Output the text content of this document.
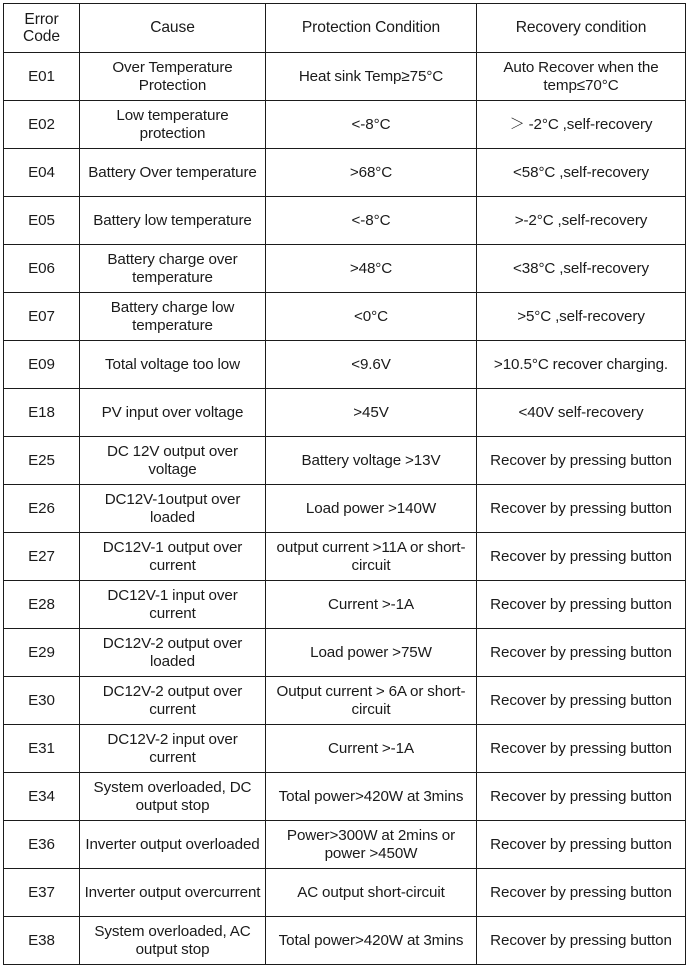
Error
Code	Cause	Protection Condition	Recovery condition
E01	Over Temperature Protection	Heat sink Temp≥75°C	Auto Recover when the temp≤70°C
E02	Low temperature protection	<-8°C	＞ -2°C ,self-recovery
E04	Battery Over temperature	>68°C	<58°C ,self-recovery
E05	Battery low temperature	<-8°C	>-2°C ,self-recovery
E06	Battery charge over temperature	>48°C	<38°C ,self-recovery
E07	Battery charge low temperature	<0°C	>5°C ,self-recovery
E09	Total voltage too low	<9.6V	>10.5°C recover charging.
E18	PV input over voltage	>45V	<40V self-recovery
E25	DC 12V output over voltage	Battery voltage >13V	Recover by pressing button
E26	DC12V-1output over loaded	Load power >140W	Recover by pressing button
E27	DC12V-1 output over current	output current >11A or short-circuit	Recover by pressing button
E28	DC12V-1 input over current	Current >-1A	Recover by pressing button
E29	DC12V-2 output over loaded	Load power >75W	Recover by pressing button
E30	DC12V-2 output over current	Output current > 6A or short-circuit	Recover by pressing button
E31	DC12V-2 input over current	Current >-1A	Recover by pressing button
E34	System overloaded, DC output stop	Total power>420W at 3mins	Recover by pressing button
E36	Inverter output overloaded	Power>300W at 2mins or power >450W	Recover by pressing button
E37	Inverter output overcurrent	AC output short-circuit	Recover by pressing button
E38	System overloaded, AC output stop	Total power>420W at 3mins	Recover by pressing button
